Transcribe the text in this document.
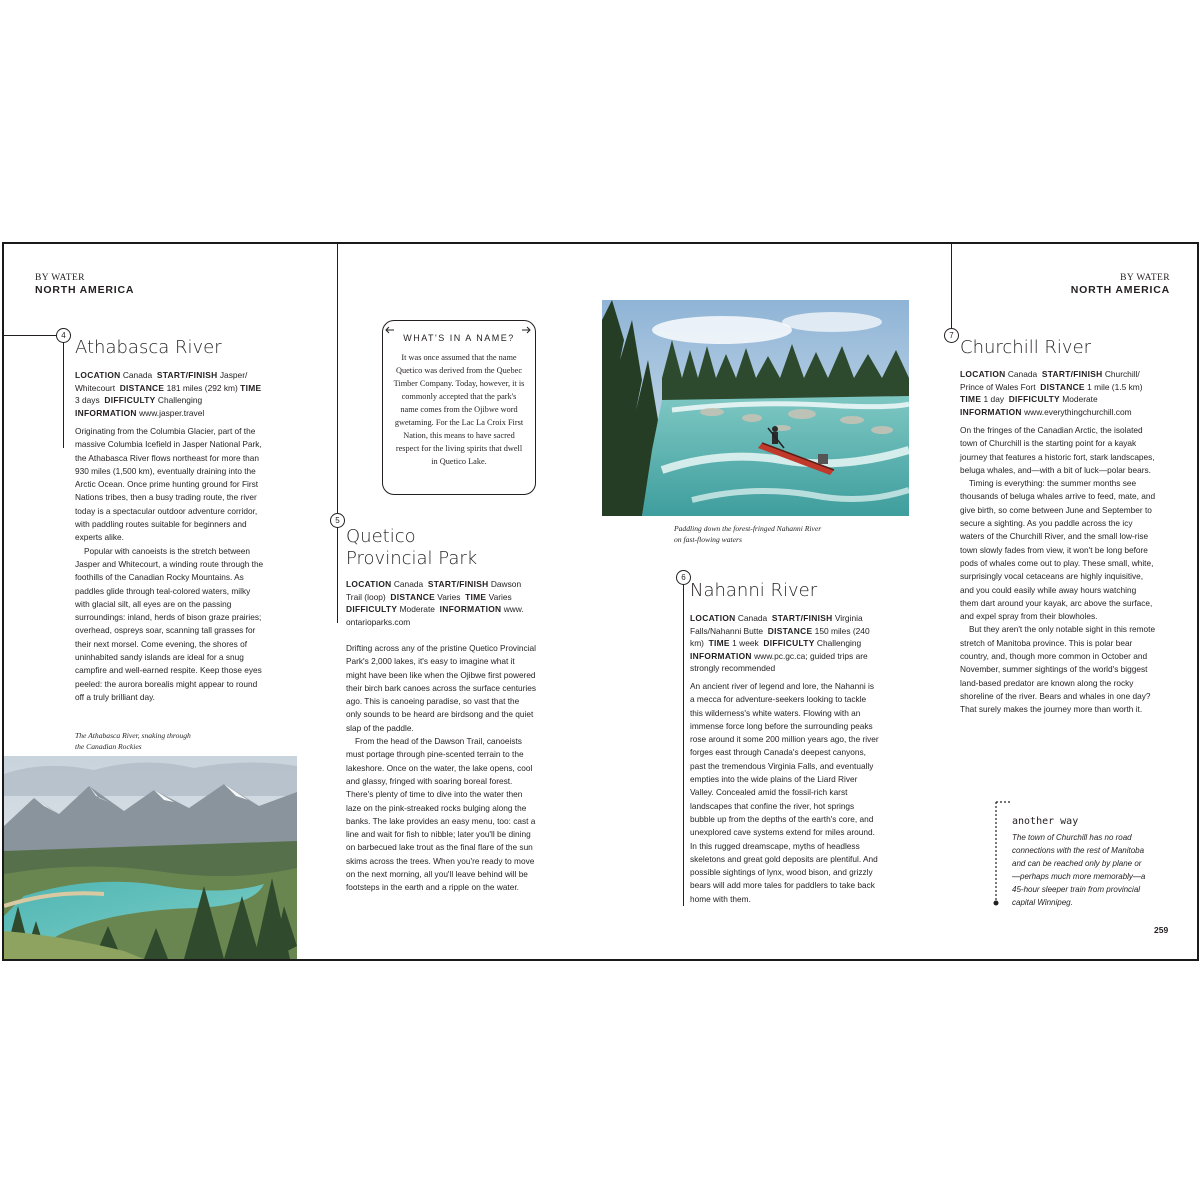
BY WATER
NORTH AMERICA
BY WATER
NORTH AMERICA
4
Athabasca River
LOCATION Canada START/FINISH Jasper/ Whitecourt DISTANCE 181 miles (292 km) TIME 3 days DIFFICULTY Challenging INFORMATION www.jasper.travel

Originating from the Columbia Glacier, part of the massive Columbia Icefield in Jasper National Park, the Athabasca River flows northeast for more than 930 miles (1,500 km), eventually draining into the Arctic Ocean. Once prime hunting ground for First Nations tribes, then a busy trading route, the river today is a spectacular outdoor adventure corridor, with paddling routes suitable for beginners and experts alike.

Popular with canoeists is the stretch between Jasper and Whitecourt, a winding route through the foothills of the Canadian Rocky Mountains. As paddles glide through teal-colored waters, milky with glacial silt, all eyes are on the passing surroundings: inland, herds of bison graze prairies; overhead, ospreys soar, scanning tall grasses for their next morsel. Come evening, the shores of uninhabited sandy islands are ideal for a snug campfire and well-earned respite. Keep those eyes peeled: the aurora borealis might appear to round off a truly brilliant day.

The Athabasca River, snaking through the Canadian Rockies
WHAT'S IN A NAME?
It was once assumed that the name Quetico was derived from the Quebec Timber Company. Today, however, it is commonly accepted that the park's name comes from the Ojibwe word gwetaming. For the Lac La Croix First Nation, this means to have sacred respect for the living spirits that dwell in Quetico Lake.
5
Quetico
Provincial Park
LOCATION Canada START/FINISH Dawson Trail (loop) DISTANCE Varies TIME Varies DIFFICULTY Moderate INFORMATION www. ontarioparks.com

Drifting across any of the pristine Quetico Provincial Park's 2,000 lakes, it's easy to imagine what it might have been like when the Ojibwe first powered their birch bark canoes across the surface centuries ago. This is canoeing paradise, so vast that the only sounds to be heard are birdsong and the quiet slap of the paddle.

From the head of the Dawson Trail, canoeists must portage through pine-scented terrain to the lakeshore. Once on the water, the lake opens, cool and glassy, fringed with soaring boreal forest. There's plenty of time to dive into the water then laze on the pink-streaked rocks bulging along the banks. The lake provides an easy menu, too: cast a line and wait for fish to nibble; later you'll be dining on barbecued lake trout as the final flare of the sun skims across the trees. When you're ready to move on the next morning, all you'll leave behind will be footsteps in the earth and a ripple on the water.

Paddling down the forest-fringed Nahanni River on fast-flowing waters
6
Nahanni River
LOCATION Canada START/FINISH Virginia Falls/Nahanni Butte DISTANCE 150 miles (240 km) TIME 1 week DIFFICULTY Challenging  INFORMATION www.pc.gc.ca; guided trips are strongly recommended

An ancient river of legend and lore, the Nahanni is a mecca for adventure-seekers looking to tackle this wilderness's white waters. Flowing with an immense force long before the surrounding peaks rose around it some 200 million years ago, the river forges east through Canada's deepest canyons, past the tremendous Virginia Falls, and eventually empties into the wide plains of the Liard River Valley. Concealed amid the fossil-rich karst landscapes that confine the river, hot springs bubble up from the depths of the earth's core, and unexplored cave systems extend for miles around. In this rugged dreamscape, myths of headless skeletons and great gold deposits are plentiful. And possible sightings of lynx, wood bison, and grizzly bears will add more tales for paddlers to take back home with them.

7
Churchill River
LOCATION Canada START/FINISH Churchill/ Prince of Wales Fort DISTANCE 1 mile (1.5 km) TIME 1 day DIFFICULTY Moderate INFORMATION www.everythingchurchill.com

On the fringes of the Canadian Arctic, the isolated town of Churchill is the starting point for a kayak journey that features a historic fort, stark landscapes, beluga whales, and—with a bit of luck—polar bears.

Timing is everything: the summer months see thousands of beluga whales arrive to feed, mate, and give birth, so come between June and September to secure a sighting. As you paddle across the icy waters of the Churchill River, and the small low-rise town slowly fades from view, it won't be long before pods of whales come out to play. These small, white, surprisingly vocal cetaceans are highly inquisitive, and you could easily while away hours watching them dart around your kayak, arc above the surface, and expel spray from their blowholes.

But they aren't the only notable sight in this remote stretch of Manitoba province. This is polar bear country, and, though more common in October and November, summer sightings of the world's biggest land-based predator are known along the rocky shoreline of the river. Bears and whales in one day? That surely makes the journey more than worth it.

another way
The town of Churchill has no road connections with the rest of Manitoba and can be reached only by plane or—perhaps much more memorably—a 45-hour sleeper train from provincial capital Winnipeg.
259
